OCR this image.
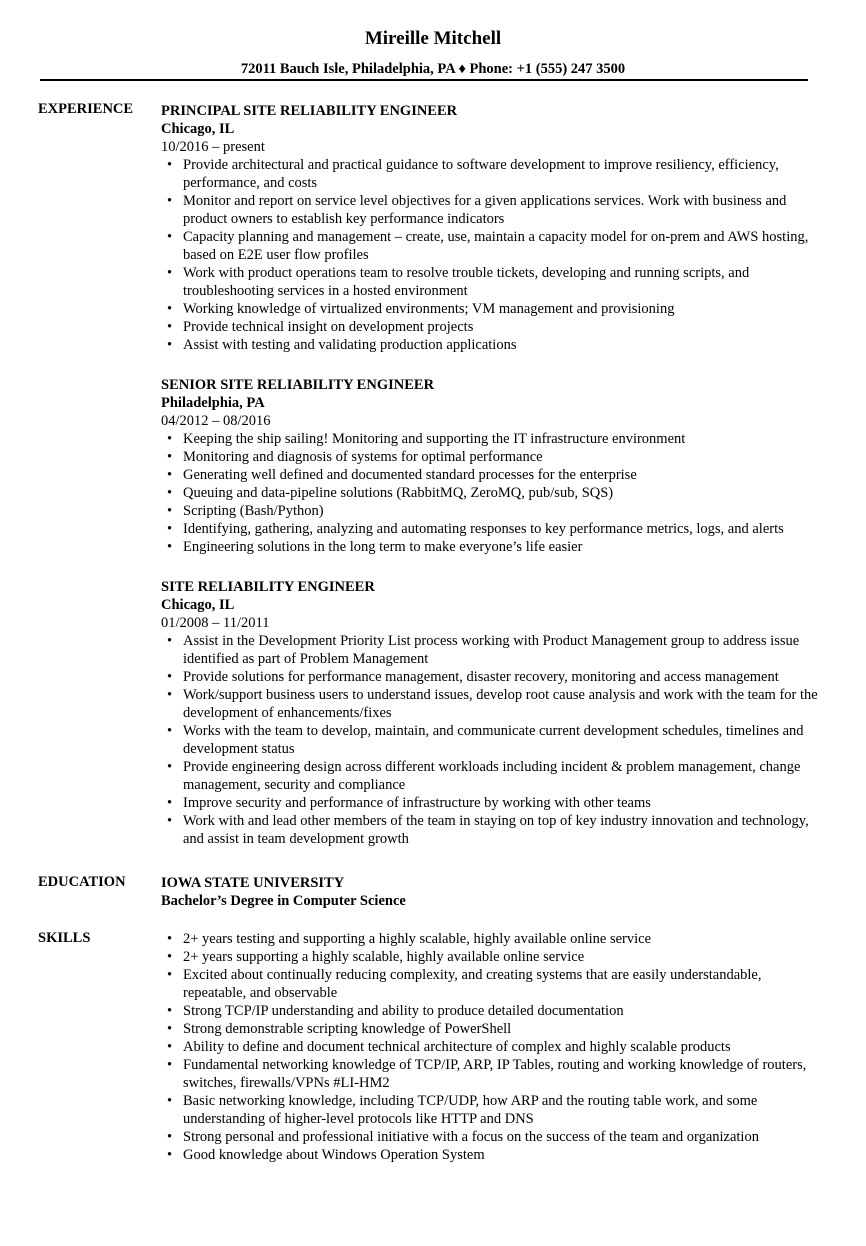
Mireille Mitchell
72011 Bauch Isle, Philadelphia, PA ♦ Phone: +1 (555) 247 3500
EXPERIENCE PRINCIPAL SITE RELIABILITY ENGINEER
Chicago, IL
10/2016 – present
• Provide architectural and practical guidance to software development to improve resiliency, efficiency, performance, and costs
• Monitor and report on service level objectives for a given applications services. Work with business and product owners to establish key performance indicators
• Capacity planning and management – create, use, maintain a capacity model for on-prem and AWS hosting, based on E2E user flow profiles
• Work with product operations team to resolve trouble tickets, developing and running scripts, and troubleshooting services in a hosted environment
• Working knowledge of virtualized environments; VM management and provisioning
• Provide technical insight on development projects
• Assist with testing and validating production applications
SENIOR SITE RELIABILITY ENGINEER
Philadelphia, PA
04/2012 – 08/2016
• Keeping the ship sailing! Monitoring and supporting the IT infrastructure environment
• Monitoring and diagnosis of systems for optimal performance
• Generating well defined and documented standard processes for the enterprise
• Queuing and data-pipeline solutions (RabbitMQ, ZeroMQ, pub/sub, SQS)
• Scripting (Bash/Python)
• Identifying, gathering, analyzing and automating responses to key performance metrics, logs, and alerts
• Engineering solutions in the long term to make everyone’s life easier
SITE RELIABILITY ENGINEER
Chicago, IL
01/2008 – 11/2011
• Assist in the Development Priority List process working with Product Management group to address issue identified as part of Problem Management
• Provide solutions for performance management, disaster recovery, monitoring and access management
• Work/support business users to understand issues, develop root cause analysis and work with the team for the development of enhancements/fixes
• Works with the team to develop, maintain, and communicate current development schedules, timelines and development status
• Provide engineering design across different workloads including incident & problem management, change management, security and compliance
• Improve security and performance of infrastructure by working with other teams
• Work with and lead other members of the team in staying on top of key industry innovation and technology, and assist in team development growth
EDUCATION IOWA STATE UNIVERSITY
Bachelor’s Degree in Computer Science
SKILLS
•	2+ years testing and supporting a highly scalable, highly available online service
• 2+ years supporting a highly scalable, highly available online service
• Excited about continually reducing complexity, and creating systems that are easily understandable, repeatable, and observable
• Strong TCP/IP understanding and ability to produce detailed documentation
• Strong demonstrable scripting knowledge of PowerShell
• Ability to define and document technical architecture of complex and highly scalable products
• Fundamental networking knowledge of TCP/IP, ARP, IP Tables, routing and working knowledge of routers, switches, firewalls/VPNs #LI-HM2
• Basic networking knowledge, including TCP/UDP, how ARP and the routing table work, and some understanding of higher-level protocols like HTTP and DNS
• Strong personal and professional initiative with a focus on the success of the team and organization
• Good knowledge about Windows Operation System
